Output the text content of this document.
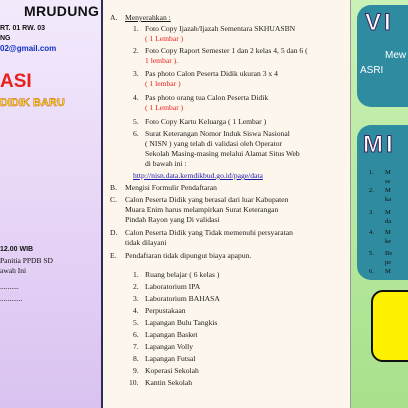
MRUDUNG
RT. 01 RW. 03
NG
02@gmail.com
ASI
DIDIK BARU
12.00 WIB
Panitia PPDB SD
awah Ini
..........
............
A. Menyerahkan :
1. Foto Copy Ijazah/Ijazah Sementara SKHUASBN
( 1 Lembar )
2. Foto Copy Raport Semester 1 dan 2 kelas 4, 5 dan 6 (
1 lembar ).
3. Pas photo Calon Peserta Didik ukuran 3 x 4
( 1 lembar )
4. Pas photo orang tua Calon Peserta Didik
( 1 Lembar )
5. Foto Copy Kartu Keluarga ( 1 Lembar )
6. Surat Keterangan Nomor Induk Siswa Nasional
( NISN ) yang telah di validasi oleh Operator
Sekolah Masing-masing melalui Alamat Situs Web
di bawah ini :
http://nisn.data.kemdikbud.go.id/page/data
B. Mengisi Formulir Pendaftaran
C. Calon Peserta Didik yang berasal dari luar Kabupaten
Muara Enim harus melampirkan Surat Keterangan
Pindah Rayon yang Di validasi
D. Calon Peserta Didik yang Tidak memenuhi persyaratan
tidak dilayani
E. Pendaftaran tidak dipungut biaya apapun.
1. Ruang belajar ( 6 kelas )
2. Laboratorium IPA
3. Laboratorium BAHASA
4. Perpustakaan
5. Lapangan Bulu Tangkis
6. Lapangan Basket
7. Lapangan Volly
8. Lapangan Futsal
9. Koperasi Sekolah
10. Kantin Sekolah
VI
Mew
ASRI
MI
1. M
se
2. M
ka
3. M
da
4. M
ke
5. Be
pe
6. M
